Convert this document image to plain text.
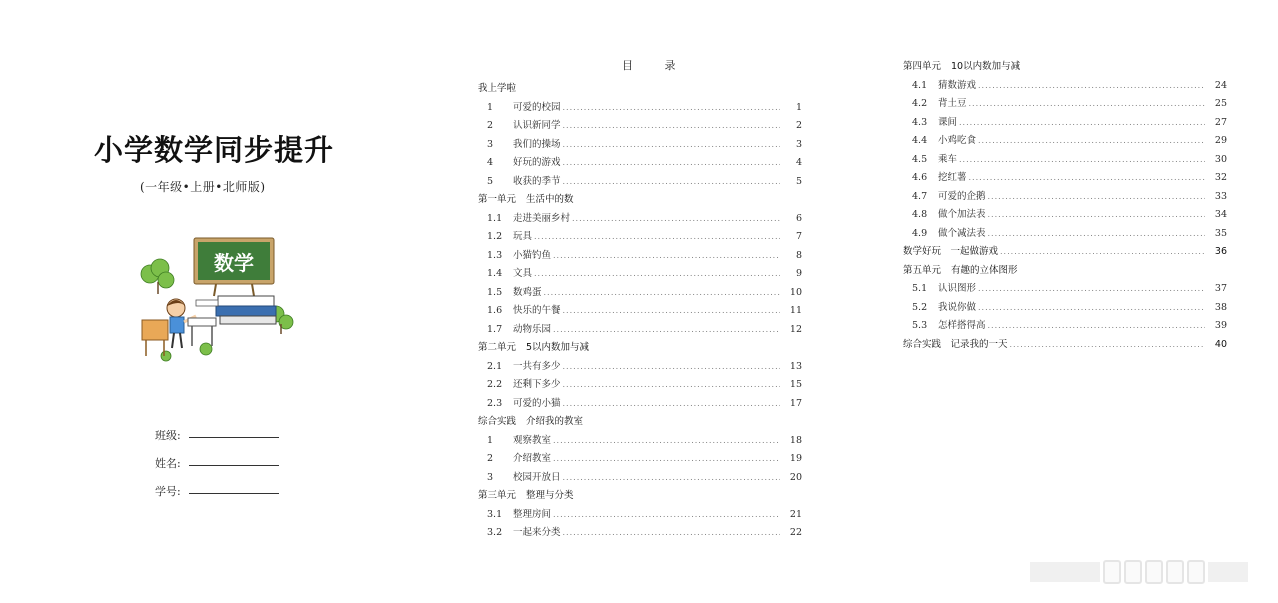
小学数学同步提升
(一年级•上册•北师版)
数学
班级:
姓名:
学号:
目 录
我上学啦
1	可爱的校园 .....	1
2	认识新同学 .....	2
3	我们的操场 .....	3
4	好玩的游戏 .....	4
5	收获的季节 .....	5
第一单元 生活中的数
1.1	走进美丽乡村 .....	6
1.2	玩具 .....	7
1.3	小猫钓鱼 .....	8
1.4	文具 .....	9
1.5	数鸡蛋 .....	10
1.6	快乐的午餐 .....	11
1.7	动物乐园 .....	12
第二单元 5以内数加与减
2.1	一共有多少 .....	13
2.2	还剩下多少 .....	15
2.3	可爱的小猫 .....	17
综合实践 介绍我的教室
1	观察教室 .....	18
2	介绍教室 .....	19
3	校园开放日 .....	20
第三单元 整理与分类
3.1	整理房间 .....	21
3.2	一起来分类 .....	22
第四单元 10以内数加与减
4.1	猜数游戏 .....	24
4.2	背土豆 .....	25
4.3	课间 .....	27
4.4	小鸡吃食 .....	29
4.5	乘车 .....	30
4.6	挖红薯 .....	32
4.7	可爱的企鹅 .....	33
4.8	做个加法表 .....	34
4.9	做个减法表 .....	35
数学好玩　一起做游戏 .....	36
第五单元 有趣的立体图形
5.1	认识图形 .....	37
5.2	我说你做 .....	38
5.3	怎样搭得高 .....	39
综合实践　记录我的一天 .....	40
